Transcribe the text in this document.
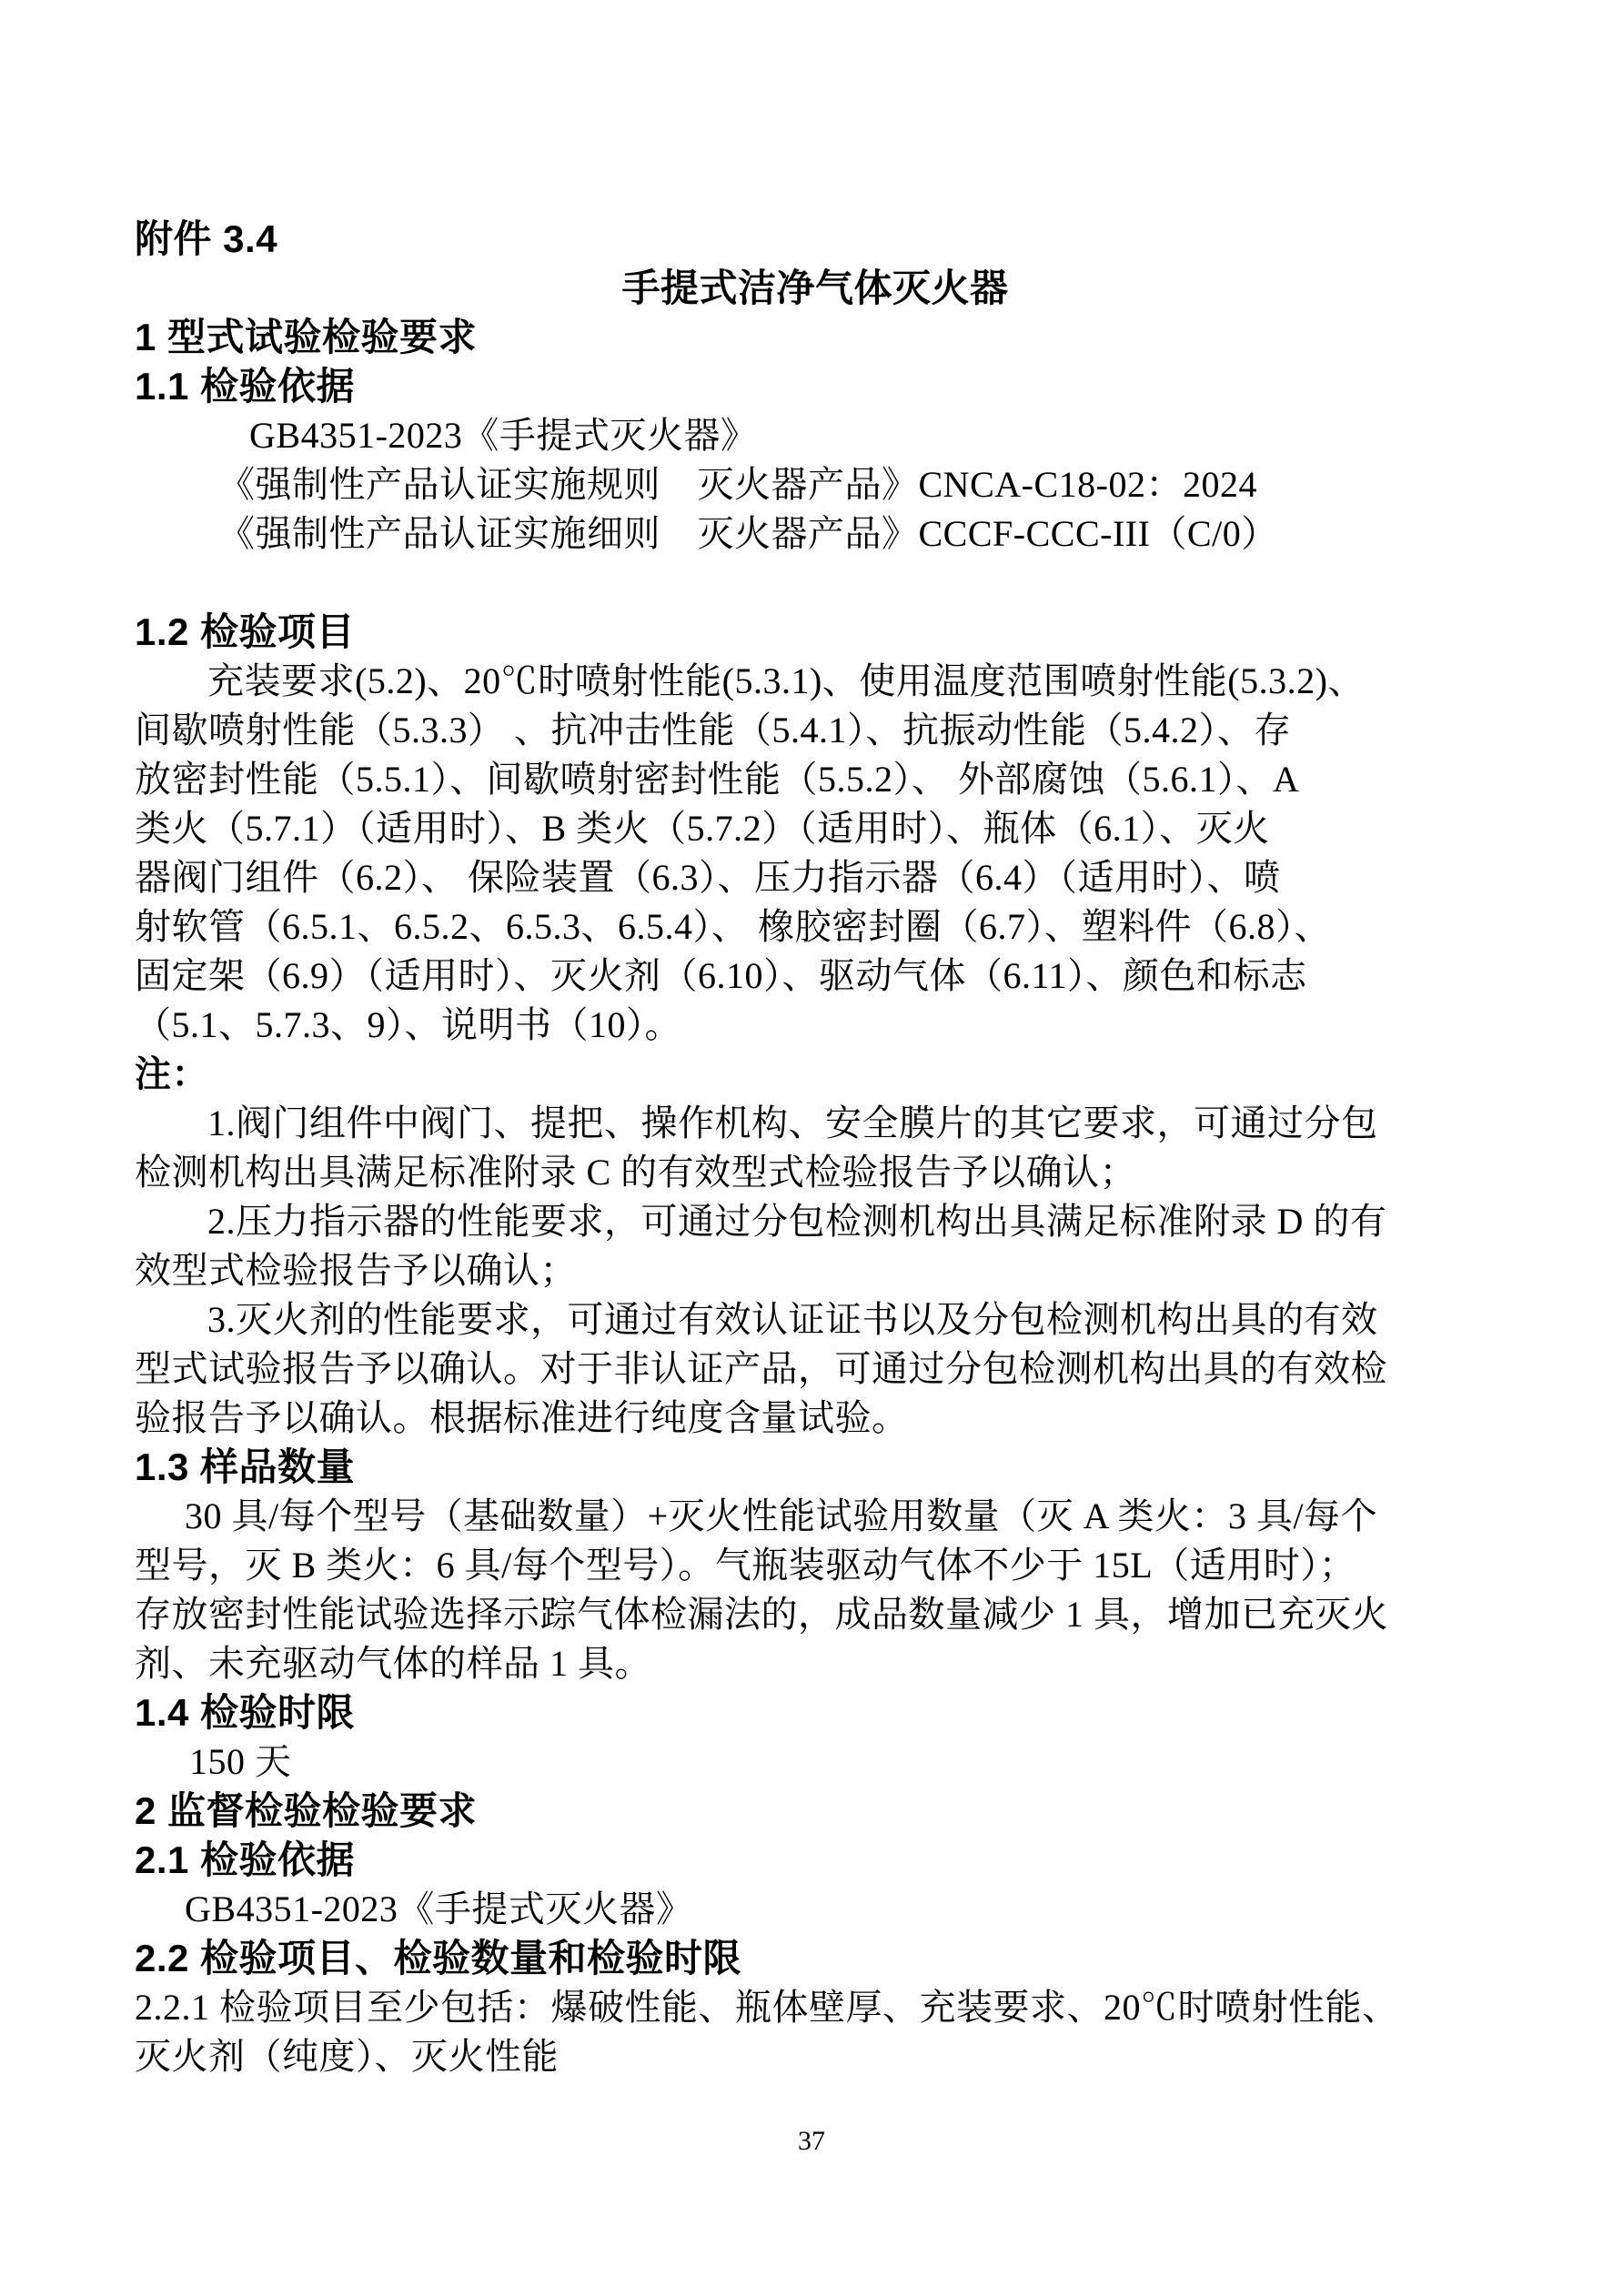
附件 3.4
手提式洁净气体灭火器
1 型式试验检验要求
1.1 检验依据
GB4351-2023《手提式灭火器》
《强制性产品认证实施规则　灭火器产品》CNCA-C18-02：2024
《强制性产品认证实施细则　灭火器产品》CCCF-CCC-III（C/0）
1.2 检验项目
充装要求(5.2)、20℃时喷射性能(5.3.1)、使用温度范围喷射性能(5.3.2)、
间歇喷射性能（5.3.3） 、抗冲击性能（5.4.1）、抗振动性能（5.4.2）、存
放密封性能（5.5.1）、间歇喷射密封性能（5.5.2）、 外部腐蚀（5.6.1）、A
类火（5.7.1）（适用时）、B 类火（5.7.2）（适用时）、瓶体（6.1）、灭火
器阀门组件（6.2）、 保险装置（6.3）、压力指示器（6.4）（适用时）、喷
射软管（6.5.1、6.5.2、6.5.3、6.5.4）、 橡胶密封圈（6.7）、塑料件（6.8）、
固定架（6.9）（适用时）、灭火剂（6.10）、驱动气体（6.11）、颜色和标志
（5.1、5.7.3、9）、说明书（10）。
注：
1.阀门组件中阀门、提把、操作机构、安全膜片的其它要求，可通过分包
检测机构出具满足标准附录 C 的有效型式检验报告予以确认；
2.压力指示器的性能要求，可通过分包检测机构出具满足标准附录 D 的有
效型式检验报告予以确认；
3.灭火剂的性能要求，可通过有效认证证书以及分包检测机构出具的有效
型式试验报告予以确认。对于非认证产品，可通过分包检测机构出具的有效检
验报告予以确认。根据标准进行纯度含量试验。
1.3 样品数量
30 具/每个型号（基础数量）+灭火性能试验用数量（灭 A 类火：3 具/每个
型号，灭 B 类火：6 具/每个型号）。气瓶装驱动气体不少于 15L（适用时）；
存放密封性能试验选择示踪气体检漏法的，成品数量减少 1 具，增加已充灭火
剂、未充驱动气体的样品 1 具。
1.4 检验时限
150 天
2 监督检验检验要求
2.1 检验依据
GB4351-2023《手提式灭火器》
2.2 检验项目、检验数量和检验时限
2.2.1 检验项目至少包括：爆破性能、瓶体壁厚、充装要求、20℃时喷射性能、
灭火剂（纯度）、灭火性能
37
